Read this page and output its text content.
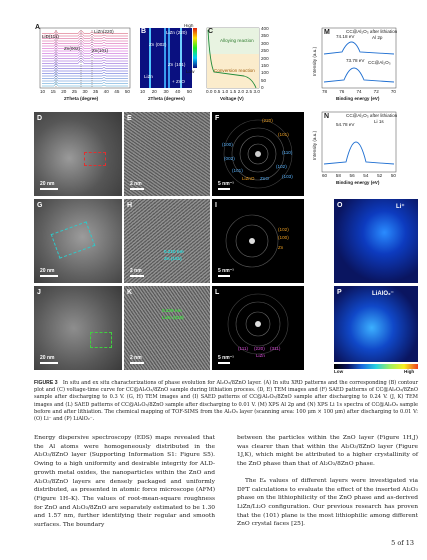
A
LiD(111)
LiZn(220)
Zn(002)	Zn(101)
10 15 20 25 30 35 40 45 50
2Theta (degree)
High
Low
B	LiZn (220)
Zn (002)
Zn (101)
LiZn
+ ZnO
10 20 30 40 50
2Theta (degrees)
C
Alloying reaction
Conversion reaction
400
350
300
250
200
150
100
50
0
0.0 0.5 1.0 1.5 2.0 2.5 3.0
Voltage (V)
M	CC@Al₂O₃ after lithiation
Al 2p
74.18 eV
73.78 eV CC@Al₂O₃
Intensity (a.u.)
78	76	74	72	70
Binding energy (eV)
N	CC@Al₂O₃ after lithiation
Li 1s
54.78 eV
Intensity (a.u.)
60 58 56 54 52 50
Binding energy (eV)
D
20 nm
E
2 nm
F	(220)
(101)
(100)
(002)
(101)
(102)
(110)
(103)
LiZnO ZnO
5 nm⁻¹
G
20 nm
H
0.210 nm
Zn (101)
2 nm
I
(102)
(100)
Zn
5 nm⁻¹
J
20 nm
K
0.229 nm
LiZn (220)
2 nm
L
(111) (220) (311)
LiZn
5 nm⁻¹
O	Li⁺
P	LiAlO₂⁻
Low	High
FIGURE 3 In situ and ex situ characterizations of phase evolution for Al₂O₃/8ZnO layer. (A) In situ XRD patterns and the corresponding (B) contour plot and (C) voltage-time curve for CC@Al₂O₃/8ZnO sample during lithiation process. (D, E) TEM images and (F) SAED patterns of CC@Al₂O₃/8ZnO sample after discharging to 0.3 V. (G, H) TEM images and (I) SAED patterns of CC@Al₂O₃/8ZnO sample after discharging to 0.24 V. (J, K) TEM images and (L) SAED patterns of CC@Al₂O₃/8ZnO sample after discharging to 0.01 V. (M) XPS Al 2p and (N) XPS Li 1s spectra of CC@Al₂O₃ sample before and after lithiation. The chemical mapping of TOF-SIMS from the Al₂O₃ layer (scanning area: 100 μm × 100 μm) after discharging to 0.01 V: (O) Li⁻ and (P) LiAlO₂⁻.

Energy dispersive spectroscopy (EDS) maps revealed that the Al atoms were homogeneously distributed in the Al₂O₃/8ZnO layer (Supporting Information S1: Figure S5). Owing to a high uniformity and desirable integrity for ALD-growth metal oxides, the nanoparticles within the ZnO and Al₂O₃/8ZnO layers are densely packaged and uniformly distributed, as presented in atomic force microscope (AFM) (Figure 1H–K). The values of root-mean-square roughness for ZnO and Al₂O₃/8ZnO are separately estimated to be 1.30 and 1.57 nm, further identifying their regular and smooth surfaces. The boundary

between the particles within the ZnO layer (Figure 1H,J) was clearer than that within the Al₂O₃/8ZnO layer (Figure 1J,K), which might be attributed to a higher crystallinity of the ZnO phase than that of Al₂O₃/8ZnO phase.

The Eₐ values of different layers were investigated via DFT calculations to evaluate the effect of the inserted Al₂O₃ phase on the lithiophilicity of the ZnO phase and as-derived LiZn/Li₂O configuration. Our previous research has proven that the (101) plane is the most lithiophilic among different ZnO crystal faces [25].

5 of 13
